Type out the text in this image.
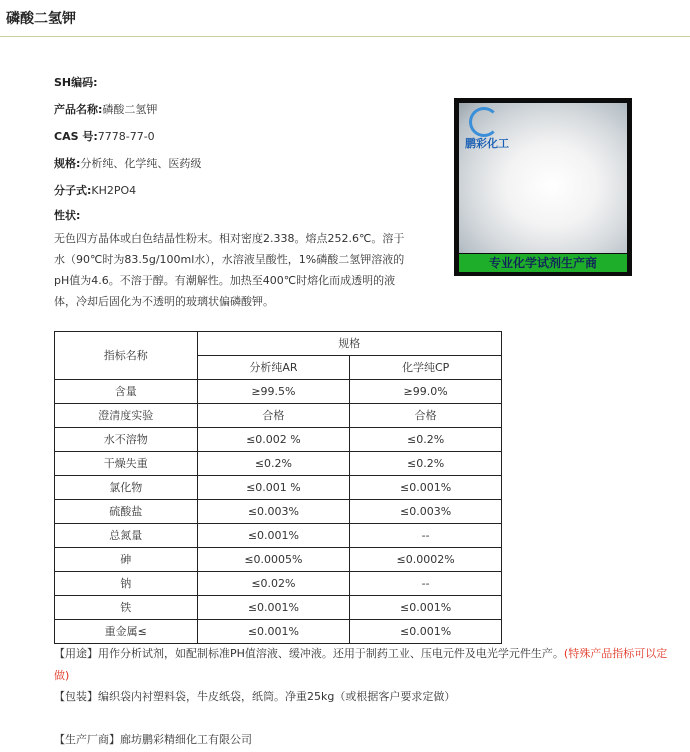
磷酸二氢钾
SH编码:
产品名称:磷酸二氢钾
CAS 号:7778-77-0
规格:分析纯、化学纯、医药级
分子式:KH2PO4
性状:
无色四方晶体或白色结晶性粉末。相对密度2.338。熔点252.6℃。溶于水（90℃时为83.5g/100ml水），水溶液呈酸性，1%磷酸二氢钾溶液的pH值为4.6。不溶于醇。有潮解性。加热至400℃时熔化而成透明的液体，冷却后固化为不透明的玻璃状偏磷酸钾。
鹏彩化工
专业化学试剂生产商
指标名称	规格	
	分析纯AR	化学纯CP
含量	≥99.5%	≥99.0%
澄清度实验	合格	合格
水不溶物	≤0.002 %	≤0.2%
干燥失重	≤0.2%	≤0.2%
氯化物	≤0.001 %	≤0.001%
硫酸盐	≤0.003%	≤0.003%
总氮量	≤0.001%	--
砷	≤0.0005%	≤0.0002%
钠	≤0.02%	--
铁	≤0.001%	≤0.001%
重金属≤	≤0.001%	≤0.001%
【用途】用作分析试剂，如配制标准PH值溶液、缓冲液。还用于制药工业、压电元件及电光学元件生产。(特殊产品指标可以定做)
【包装】编织袋内衬塑料袋，牛皮纸袋，纸筒。净重25kg（或根据客户要求定做）
【生产厂商】廊坊鹏彩精细化工有限公司
